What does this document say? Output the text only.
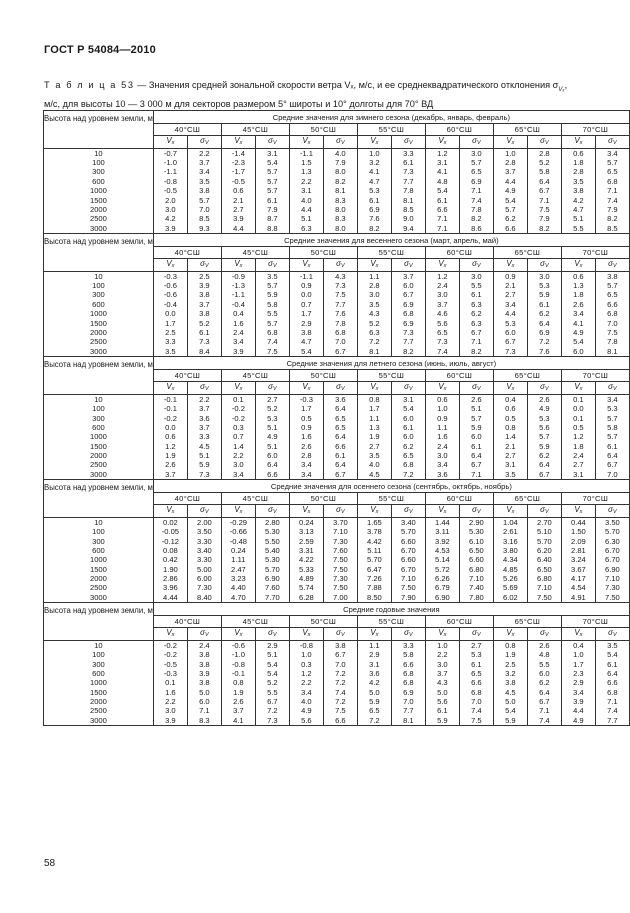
ГОСТ Р 54084—2010
Т а б л и ц а 53 — Значения средней зональной скорости ветра Vₓ, м/с, и ее среднеквадратического отклонения $\sigma_{V_x}$,
м/с, для высоты 10 — 3 000 м для секторов размером 5° широты и 10° долготы для 70° ВД
Высота над уровнем земли, м	Средние значения для зимнего сезона (декабрь, январь, февраль)													
	40°СШ		45°СШ		50°СШ		55°СШ		60°СШ		65°СШ		70°СШ	
	$V_x$	$\sigma_V$	$V_x$	$\sigma_V$	$V_x$	$\sigma_V$	$V_x$	$\sigma_V$	$V_x$	$\sigma_V$	$V_x$	$\sigma_V$	$V_x$	$\sigma_V$
10	-0.7	2.2	-1.4	3.1	-1.1	4.0	1.0	3.3	1.2	3.0	1.0	2.8	0.6	3.4
100	-1.0	3.7	-2.3	5.4	1.5	7.9	3.2	6.1	3.1	5.7	2.8	5.2	1.8	5.7
300	-1.1	3.4	-1.7	5.7	1.3	8.0	4.1	7.3	4.1	6.5	3.7	5.8	2.8	6.5
600	-0.8	3.5	-0.5	5.7	2.2	8.2	4.7	7.7	4.8	6.9	4.4	6.4	3.5	6.8
1000	-0.5	3.8	0.6	5.7	3.1	8.1	5.3	7.8	5.4	7.1	4.9	6.7	3.8	7.1
1500	2.0	5.7	2.1	6.1	4.0	8.3	6.1	8.1	6.1	7.4	5.4	7.1	4.2	7.4
2000	3.0	7.0	2.7	7.9	4.4	8.0	6.9	8.5	6.6	7.8	5.7	7.5	4.7	7.9
2500	4.2	8.5	3.9	8.7	5.1	8.3	7.6	9.0	7.1	8.2	6.2	7.9	5.1	8.2
3000	3.9	9.3	4.4	8.8	6.3	8.0	8.2	9.4	7.1	8.6	6.6	8.2	5.5	8.5
Высота над уровнем земли, м	Средние значения для весеннего сезона (март, апрель, май)													
	40°СШ		45°СШ		50°СШ		55°СШ		60°СШ		65°СШ		70°СШ	
	$V_x$	$\sigma_V$	$V_x$	$\sigma_V$	$V_x$	$\sigma_V$	$V_x$	$\sigma_V$	$V_x$	$\sigma_V$	$V_x$	$\sigma_V$	$V_x$	$\sigma_V$
10	-0.3	2.5	-0.9	3.5	-1.1	4.3	1.1	3.7	1.2	3.0	0.9	3.0	0.6	3.8
100	-0.6	3.9	-1.3	5.7	0.9	7.3	2.8	6.0	2.4	5.5	2.1	5.3	1.3	5.7
300	-0.6	3.8	-1.1	5.9	0.0	7.5	3.0	6.7	3.0	6.1	2.7	5.9	1.8	6.5
600	-0.4	3.7	-0.4	5.8	0.7	7.7	3.5	6.9	3.7	6.3	3.4	6.1	2.6	6.6
1000	0.0	3.8	0.4	5.5	1.7	7.6	4.3	6.8	4.6	6.2	4.4	6.2	3.4	6.8
1500	1.7	5.2	1.6	5.7	2.9	7.8	5.2	6.9	5.6	6.3	5.3	6.4	4.1	7.0
2000	2.5	6.1	2.4	6.8	3.8	6.8	6.3	7.3	6.5	6.7	6.0	6.9	4.9	7.5
2500	3.3	7.3	3.4	7.4	4.7	7.0	7.2	7.7	7.3	7.1	6.7	7.2	5.4	7.8
3000	3.5	8.4	3.9	7.5	5.4	6.7	8.1	8.2	7.4	8.2	7.3	7.6	6.0	8.1
Высота над уровнем земли, м	Средние значения для летнего сезона (июнь, июль, август)													
	40°СШ		45°СШ		50°СШ		55°СШ		60°СШ		65°СШ		70°СШ	
	$V_x$	$\sigma_V$	$V_x$	$\sigma_V$	$V_x$	$\sigma_V$	$V_x$	$\sigma_V$	$V_x$	$\sigma_V$	$V_x$	$\sigma_V$	$V_x$	$\sigma_V$
10	-0.1	2.2	0.1	2.7	-0.3	3.6	0.8	3.1	0.6	2.6	0.4	2.6	0.1	3.4
100	-0.1	3.7	-0.2	5.2	1.7	6.4	1.7	5.4	1.0	5.1	0.6	4.9	0.0	5.3
300	-0.2	3.6	-0.2	5.3	0.5	6.5	1.1	6.0	0.9	5.7	0.5	5.3	0.1	5.7
600	0.0	3.7	0.3	5.1	0.9	6.5	1.3	6.1	1.1	5.9	0.8	5.6	0.5	5.8
1000	0.6	3.3	0.7	4.9	1.6	6.4	1.9	6.0	1.6	6.0	1.4	5.7	1.2	5.7
1500	1.2	4.5	1.4	5.1	2.6	6.6	2.7	6.2	2.4	6.1	2.1	5.9	1.8	6.1
2000	1.9	5.1	2.2	6.0	2.8	6.1	3.5	6.5	3.0	6.4	2.7	6.2	2.4	6.4
2500	2.6	5.9	3.0	6.4	3.4	6.4	4.0	6.8	3.4	6.7	3.1	6.4	2.7	6.7
3000	3.7	7.3	3.4	6.6	3.4	6.7	4.5	7.2	3.6	7.1	3.5	6.7	3.1	7.0
Высота над уровнем земли, м	Средние значения для осеннего сезона (сентябрь, октябрь, ноябрь)													
	40°СШ		45°СШ		50°СШ		55°СШ		60°СШ		65°СШ		70°СШ	
	$V_x$	$\sigma_V$	$V_x$	$\sigma_V$	$V_x$	$\sigma_V$	$V_x$	$\sigma_V$	$V_x$	$\sigma_V$	$V_x$	$\sigma_V$	$V_x$	$\sigma_V$
10	0.02	2.00	-0.29	2.80	0.24	3.70	1.65	3.40	1.44	2.90	1.04	2.70	0.44	3.50
100	-0.05	3.50	-0.66	5.30	3.13	7.10	3.78	5.70	3.11	5.30	2.61	5.10	1.50	5.70
300	-0.12	3.30	-0.48	5.50	2.59	7.30	4.42	6.60	3.92	6.10	3.16	5.70	2.09	6.30
600	0.08	3.40	0.24	5.40	3.31	7.60	5.11	6.70	4.53	6.50	3.80	6.20	2.81	6.70
1000	0.42	3.30	1.11	5.30	4.22	7.50	5.70	6.60	5.14	6.60	4.34	6.40	3.24	6.70
1500	1.90	5.00	2.47	5.70	5.33	7.50	6.47	6.70	5.72	6.80	4.85	6.50	3.67	6.90
2000	2.86	6.00	3.23	6.90	4.89	7.30	7.26	7.10	6.26	7.10	5.26	6.80	4.17	7.10
2500	3.96	7.30	4.40	7.60	5.74	7.50	7.88	7.50	6.79	7.40	5.69	7.10	4.54	7.30
3000	4.44	8.40	4.70	7.70	6.28	7.00	8.50	7.90	6.90	7.80	6.02	7.50	4.91	7.50
Высота над уровнем земли, м	Средние годовые значения													
	40°СШ		45°СШ		50°СШ		55°СШ		60°СШ		65°СШ		70°СШ	
	$V_x$	$\sigma_V$	$V_x$	$\sigma_V$	$V_x$	$\sigma_V$	$V_x$	$\sigma_V$	$V_x$	$\sigma_V$	$V_x$	$\sigma_V$	$V_x$	$\sigma_V$
10	-0.2	2.4	-0.6	2.9	-0.8	3.8	1.1	3.3	1.0	2.7	0.8	2.6	0.4	3.5
100	-0.2	3.8	-1.0	5.1	1.0	6.7	2.9	5.8	2.2	5.3	1.9	4.8	1.0	5.4
300	-0.5	3.8	-0.8	5.4	0.3	7.0	3.1	6.6	3.0	6.1	2.5	5.5	1.7	6.1
600	-0.3	3.9	-0.1	5.4	1.2	7.2	3.6	6.8	3.7	6.5	3.2	6.0	2.3	6.4
1000	0.1	3.8	0.8	5.2	2.2	7.2	4.2	6.8	4.3	6.6	3.8	6.2	2.9	6.6
1500	1.6	5.0	1.9	5.5	3.4	7.4	5.0	6.9	5.0	6.8	4.5	6.4	3.4	6.8
2000	2.2	6.0	2.6	6.7	4.0	7.2	5.9	7.0	5.6	7.0	5.0	6.7	3.9	7.1
2500	3.0	7.1	3.7	7.2	4.9	7.5	6.5	7.7	6.1	7.4	5.4	7.1	4.4	7.4
3000	3.9	8.3	4.1	7.3	5.6	6.6	7.2	8.1	5.9	7.5	5.9	7.4	4.9	7.7
58
